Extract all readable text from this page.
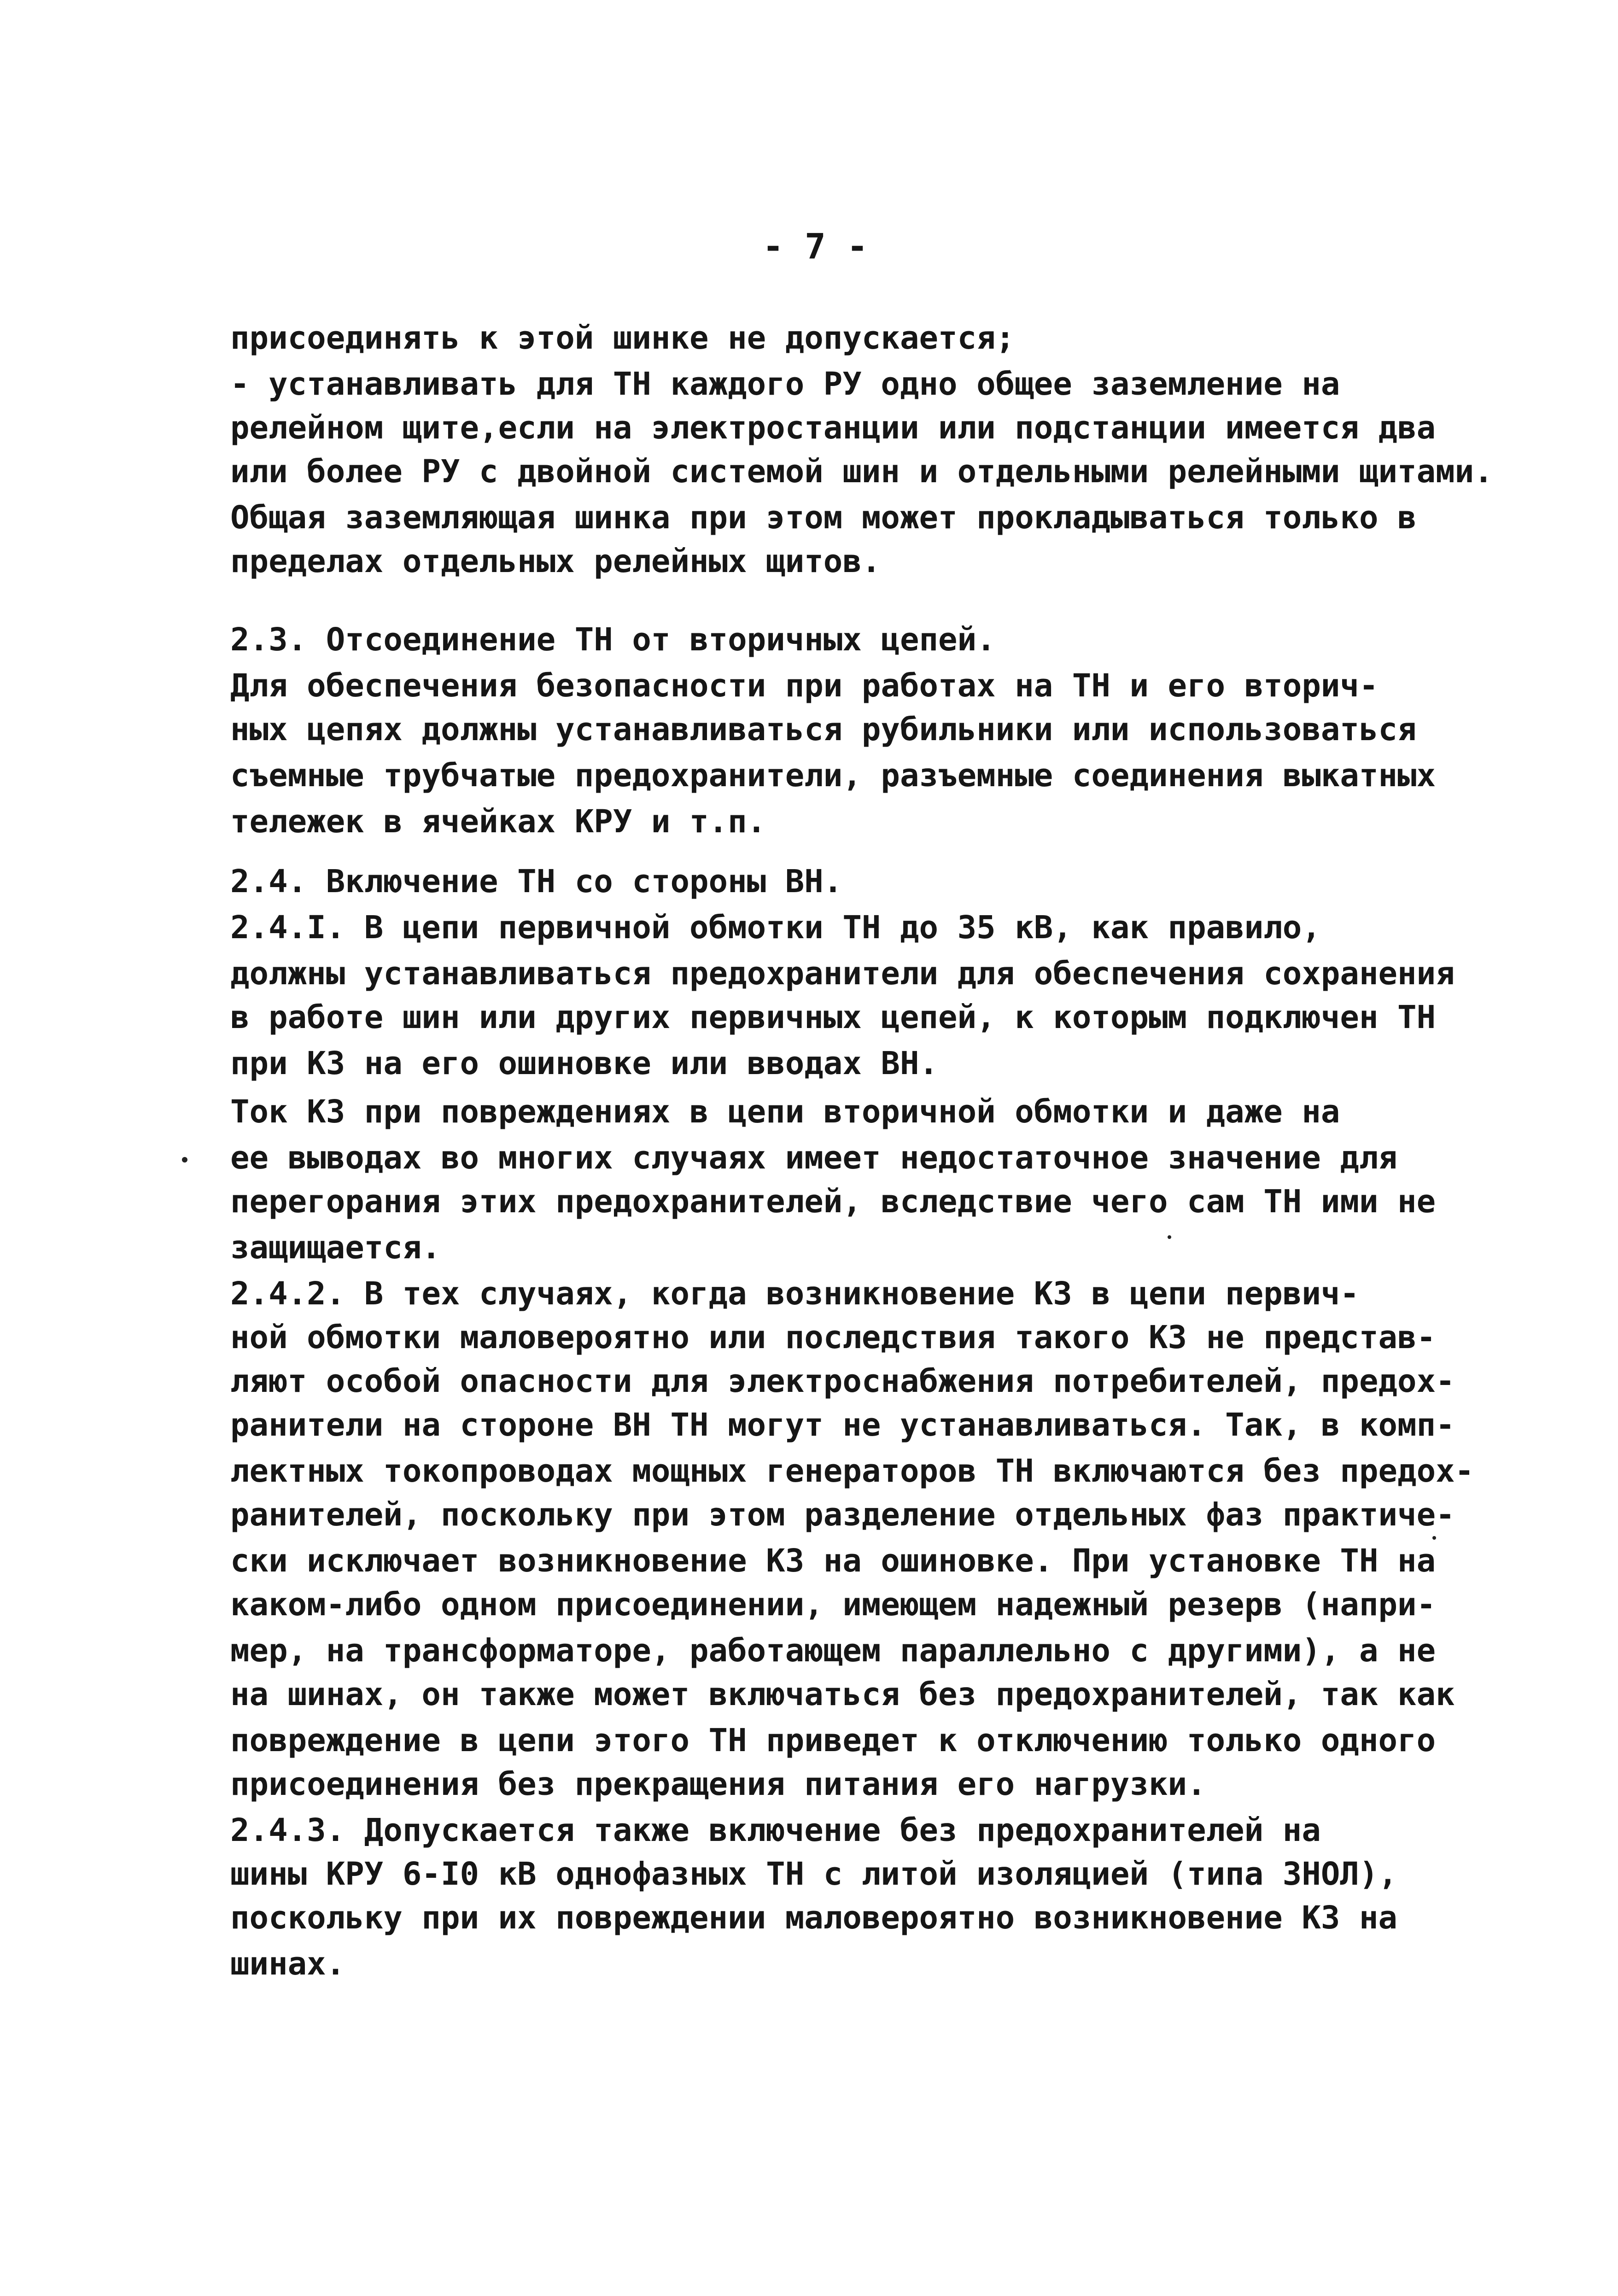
- 7 -
присоединять к этой шинке не допускается;
- устанавливать для ТН каждого РУ одно общее заземление на
релейном щите,если на электростанции или подстанции имеется два
или более РУ с двойной системой шин и отдельными релейными щитами.
Общая заземляющая шинка при этом может прокладываться только в
пределах отдельных релейных щитов.
2.3. Отсоединение ТН от вторичных цепей.
Для обеспечения безопасности при работах на ТН и его вторич-
ных цепях должны устанавливаться рубильники или использоваться
съемные трубчатые предохранители, разъемные соединения выкатных
тележек в ячейках КРУ и т.п.
2.4. Включение ТН со стороны ВН.
2.4.I. В цепи первичной обмотки ТН до 35 кВ, как правило,
должны устанавливаться предохранители для обеспечения сохранения
в работе шин или других первичных цепей, к которым подключен ТН
при КЗ на его ошиновке или вводах ВН.
Ток КЗ при повреждениях в цепи вторичной обмотки и даже на
ее выводах во многих случаях имеет недостаточное значение для
перегорания этих предохранителей, вследствие чего сам ТН ими не
защищается.
2.4.2. В тех случаях, когда возникновение КЗ в цепи первич-
ной обмотки маловероятно или последствия такого КЗ не представ-
ляют особой опасности для электроснабжения потребителей, предох-
ранители на стороне ВН ТН могут не устанавливаться. Так, в комп-
лектных токопроводах мощных генераторов ТН включаются без предох-
ранителей, поскольку при этом разделение отдельных фаз практиче-
ски исключает возникновение КЗ на ошиновке. При установке ТН на
каком-либо одном присоединении, имеющем надежный резерв (напри-
мер, на трансформаторе, работающем параллельно с другими), а не
на шинах, он также может включаться без предохранителей, так как
повреждение в цепи этого ТН приведет к отключению только одного
присоединения без прекращения питания его нагрузки.
2.4.3. Допускается также включение без предохранителей на
шины КРУ 6-I0 кВ однофазных ТН с литой изоляцией (типа ЗНОЛ),
поскольку при их повреждении маловероятно возникновение КЗ на
шинах.
